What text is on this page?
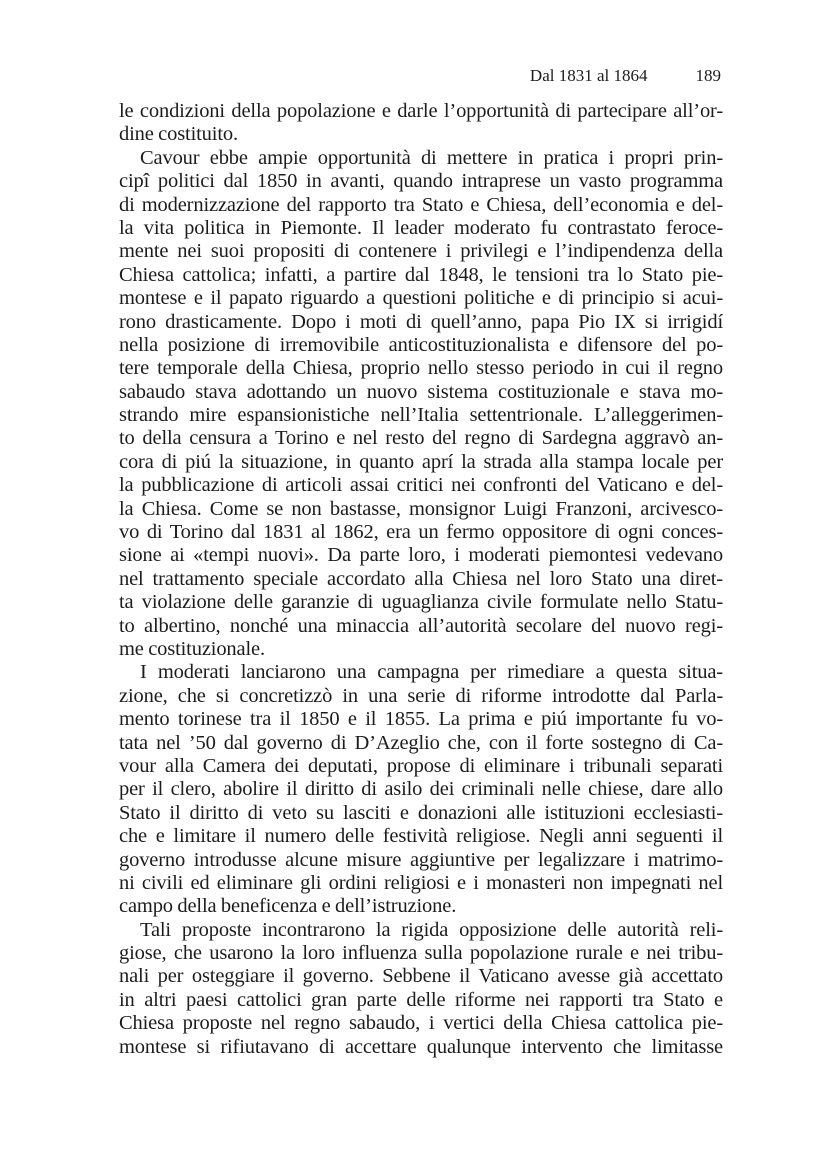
Dal 1831 al 1864	189

le condizioni della popolazione e darle l’opportunità di partecipare all’or-
dine costituito.

Cavour ebbe ampie opportunità di mettere in pratica i propri prin-
cipî politici dal 1850 in avanti, quando intraprese un vasto programma
di modernizzazione del rapporto tra Stato e Chiesa, dell’economia e del-
la vita politica in Piemonte. Il leader moderato fu contrastato feroce-
mente nei suoi propositi di contenere i privilegi e l’indipendenza della
Chiesa cattolica; infatti, a partire dal 1848, le tensioni tra lo Stato pie-
montese e il papato riguardo a questioni politiche e di principio si acui-
rono drasticamente. Dopo i moti di quell’anno, papa Pio IX si irrigidí
nella posizione di irremovibile anticostituzionalista e difensore del po-
tere temporale della Chiesa, proprio nello stesso periodo in cui il regno
sabaudo stava adottando un nuovo sistema costituzionale e stava mo-
strando mire espansionistiche nell’Italia settentrionale. L’alleggerimen-
to della censura a Torino e nel resto del regno di Sardegna aggravò an-
cora di piú la situazione, in quanto aprí la strada alla stampa locale per
la pubblicazione di articoli assai critici nei confronti del Vaticano e del-
la Chiesa. Come se non bastasse, monsignor Luigi Franzoni, arcivesco-
vo di Torino dal 1831 al 1862, era un fermo oppositore di ogni conces-
sione ai «tempi nuovi». Da parte loro, i moderati piemontesi vedevano
nel trattamento speciale accordato alla Chiesa nel loro Stato una diret-
ta violazione delle garanzie di uguaglianza civile formulate nello Statu-
to albertino, nonché una minaccia all’autorità secolare del nuovo regi-
me costituzionale.

I moderati lanciarono una campagna per rimediare a questa situa-
zione, che si concretizzò in una serie di riforme introdotte dal Parla-
mento torinese tra il 1850 e il 1855. La prima e piú importante fu vo-
tata nel ’50 dal governo di D’Azeglio che, con il forte sostegno di Ca-
vour alla Camera dei deputati, propose di eliminare i tribunali separati
per il clero, abolire il diritto di asilo dei criminali nelle chiese, dare allo
Stato il diritto di veto su lasciti e donazioni alle istituzioni ecclesiasti-
che e limitare il numero delle festività religiose. Negli anni seguenti il
governo introdusse alcune misure aggiuntive per legalizzare i matrimo-
ni civili ed eliminare gli ordini religiosi e i monasteri non impegnati nel
campo della beneficenza e dell’istruzione.

Tali proposte incontrarono la rigida opposizione delle autorità reli-
giose, che usarono la loro influenza sulla popolazione rurale e nei tribu-
nali per osteggiare il governo. Sebbene il Vaticano avesse già accettato
in altri paesi cattolici gran parte delle riforme nei rapporti tra Stato e
Chiesa proposte nel regno sabaudo, i vertici della Chiesa cattolica pie-
montese si rifiutavano di accettare qualunque intervento che limitasse
